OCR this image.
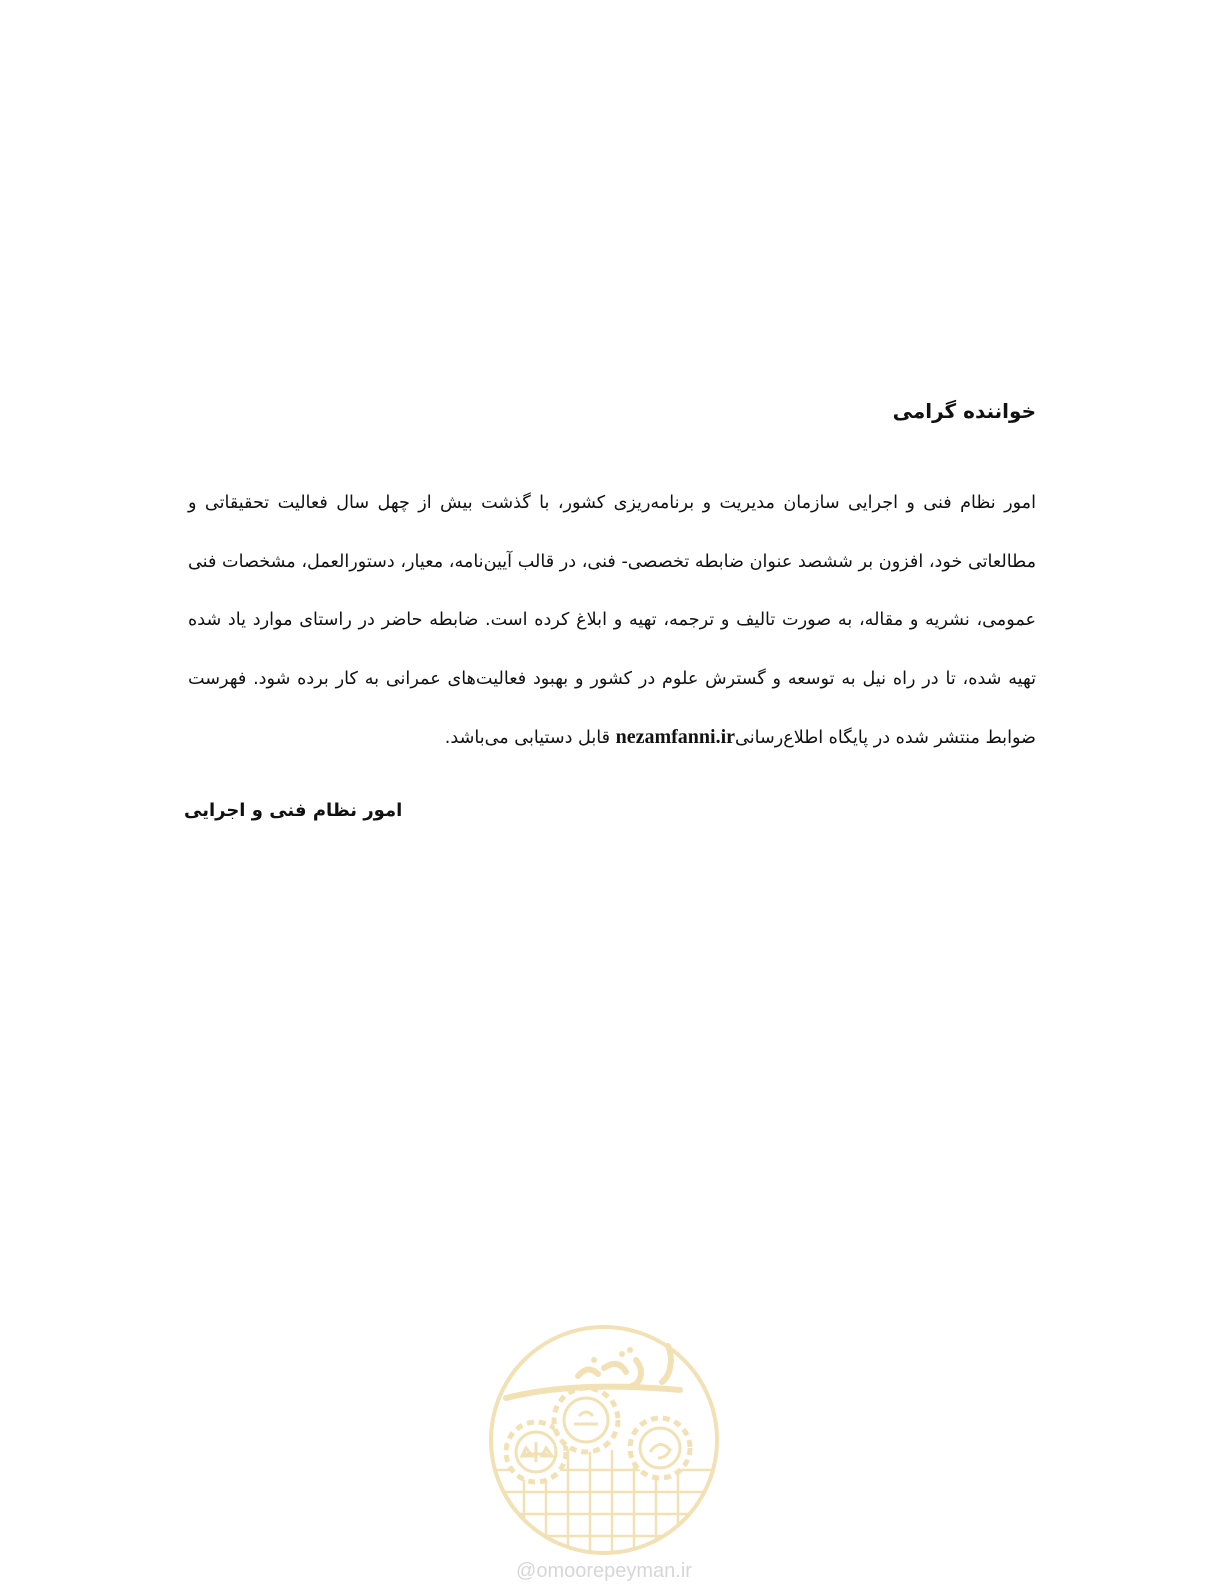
خواننده گرامی
امور نظام فنی و اجرایی سازمان مدیریت و برنامه‌ریزی کشور، با گذشت بیش از چهل سال فعالیت تحقیقاتی و مطالعاتی خود، افزون بر ششصد عنوان ضابطه تخصصی- فنی، در قالب آیین‌نامه، معیار، دستورالعمل، مشخصات فنی عمومی، نشریه و مقاله، به صورت تالیف و ترجمه، تهیه و ابلاغ کرده است. ضابطه حاضر در راستای موارد یاد شده تهیه شده، تا در راه نیل به توسعه و گسترش علوم در کشور و بهبود فعالیت‌های عمرانی به کار برده شود. فهرست ضوابط منتشر شده در پایگاه اطلاع‌رسانیnezamfanni.ir قابل دستیابی می‌باشد.
امور نظام فنی و اجرایی
@omoorepeyman.ir
